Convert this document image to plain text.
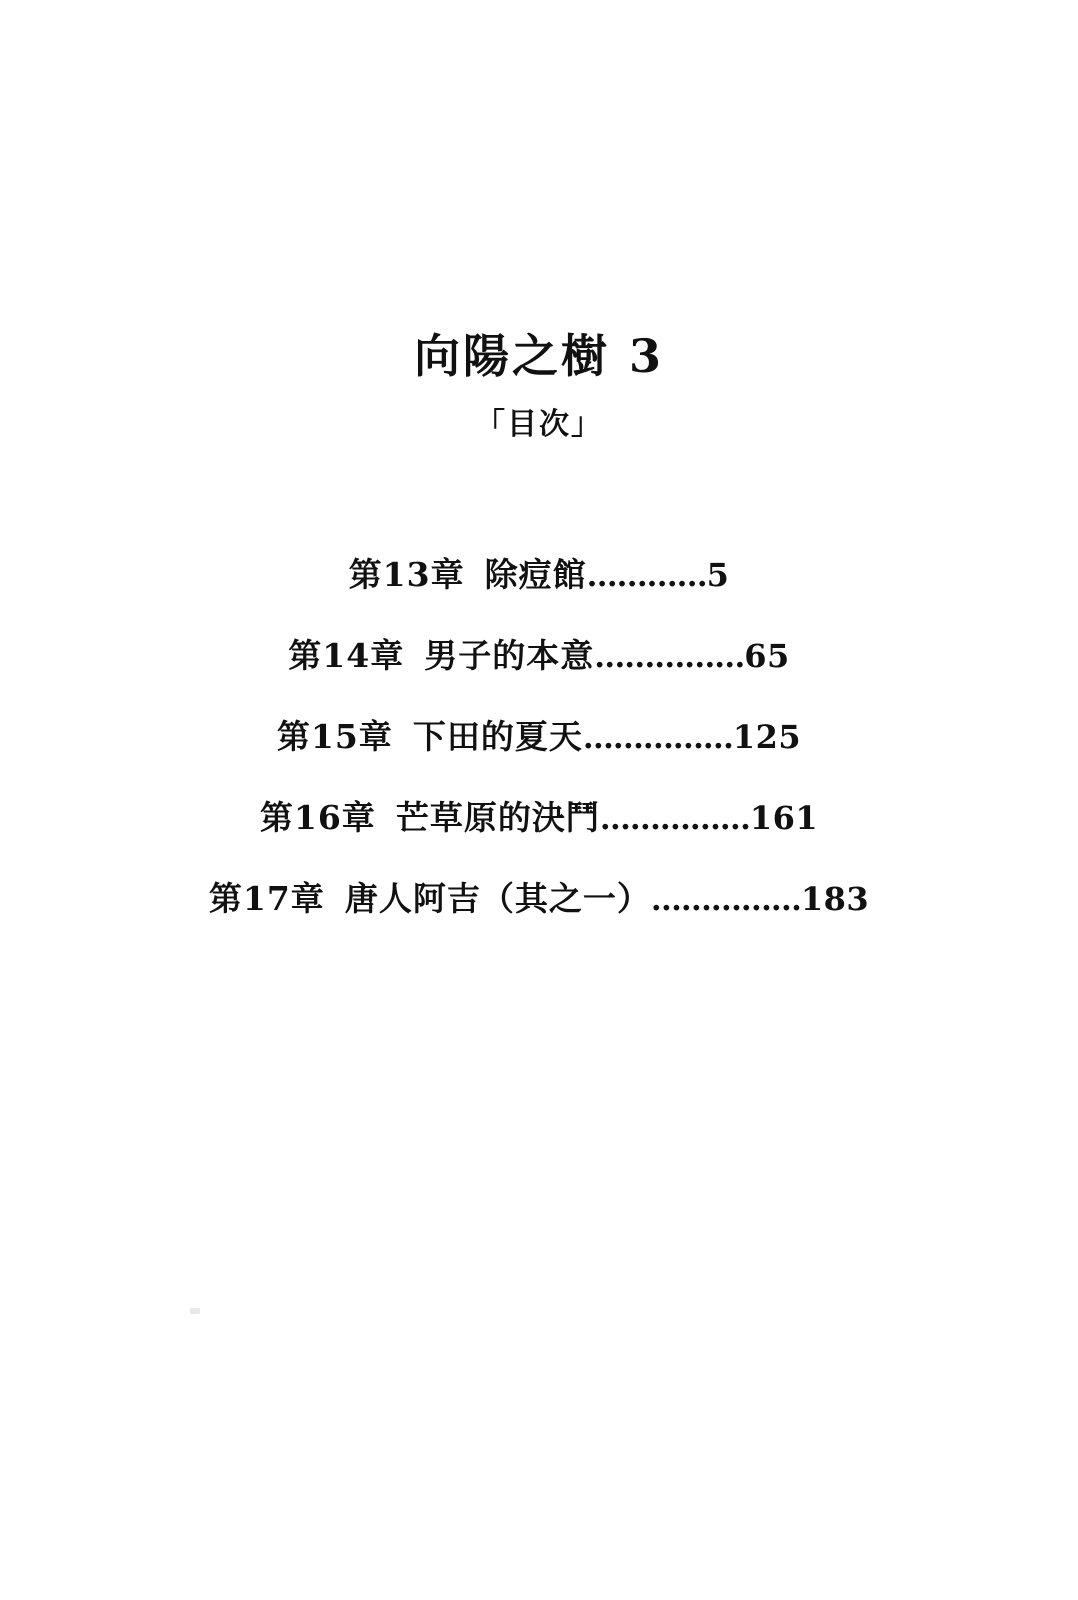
向陽之樹 3
「目次」
第13章 除痘館…………5
第14章 男子的本意……………65
第15章 下田的夏天……………125
第16章 芒草原的決鬥……………161
第17章 唐人阿吉（其之一）……………183
